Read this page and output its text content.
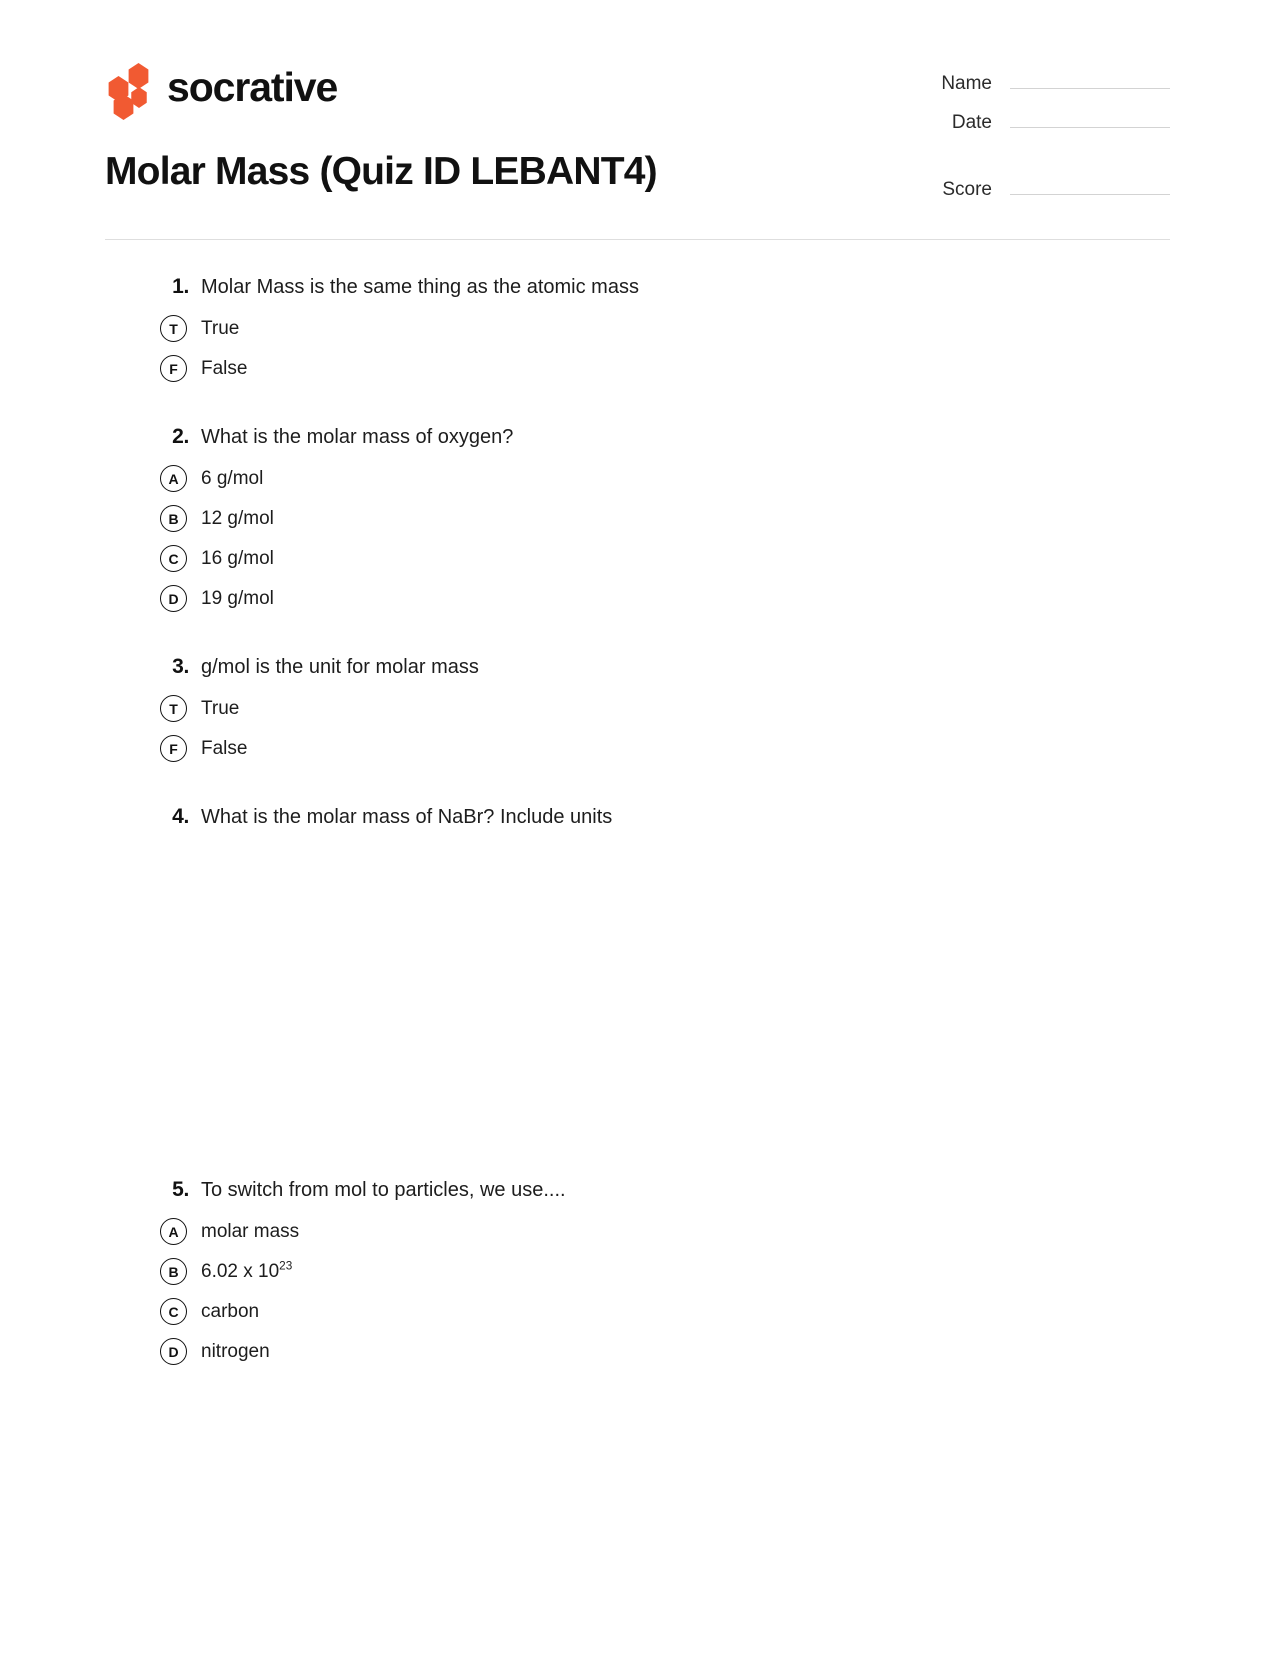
socrative	Name
Date
Score
Molar Mass (Quiz ID LEBANT4)
1. Molar Mass is the same thing as the atomic mass
T	True
F	False
2. What is the molar mass of oxygen?
A	6 g/mol
B	12 g/mol
C	16 g/mol
D	19 g/mol
3. g/mol is the unit for molar mass
T	True
F	False
4. What is the molar mass of NaBr? Include units
5. To switch from mol to particles, we use....
A	molar mass
B	6.02 x $10^{23}$
C	carbon
D	nitrogen
